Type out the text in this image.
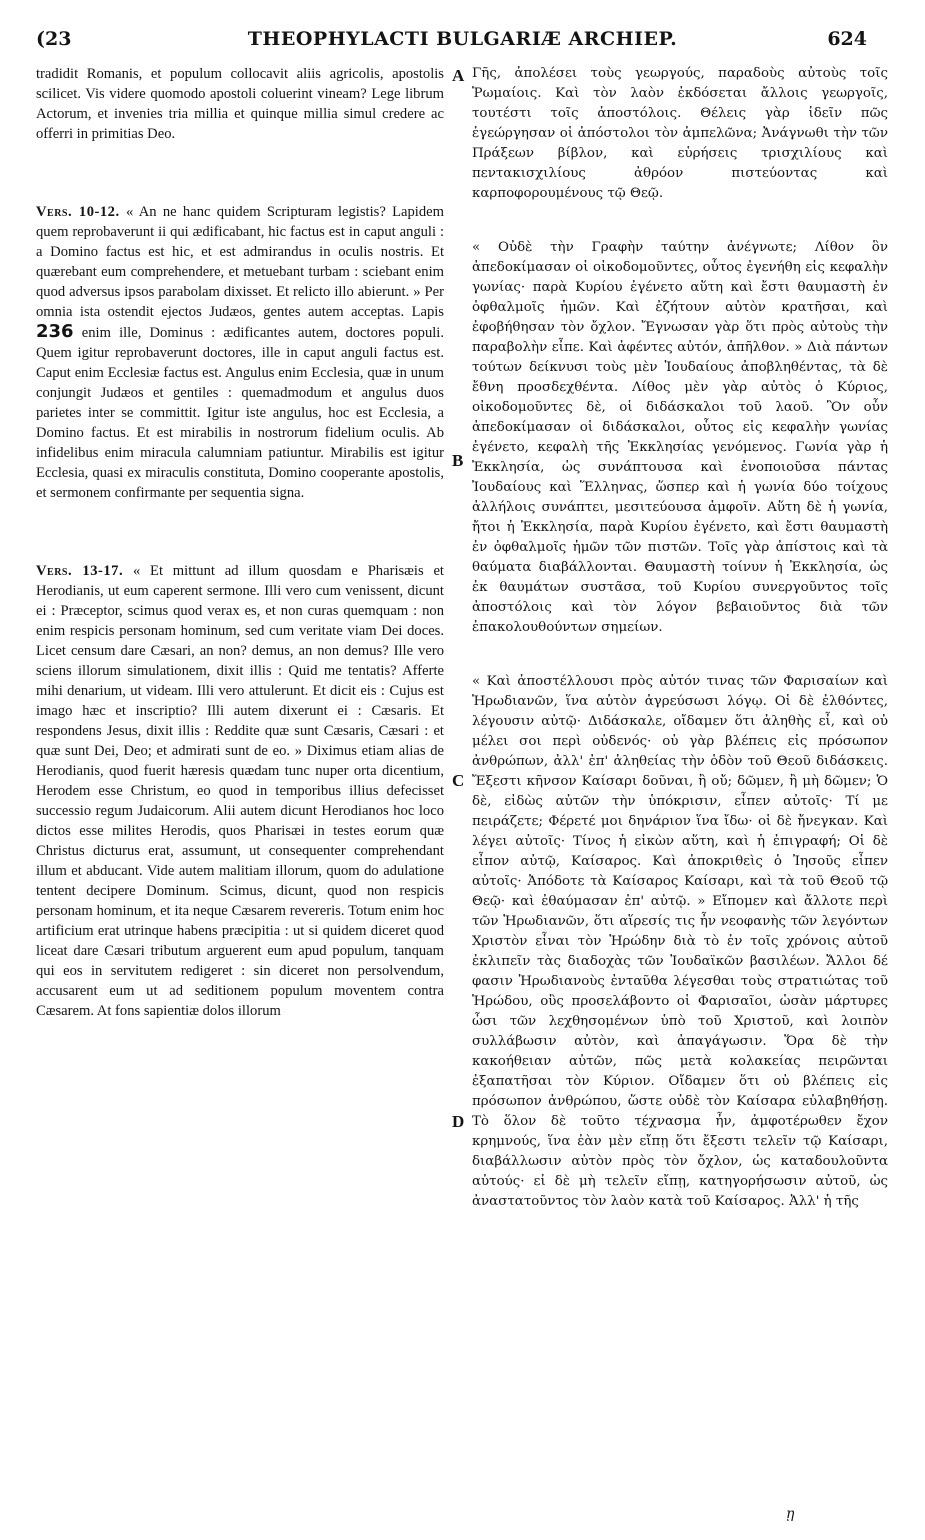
THEOPHYLACTI BULGARIÆ ARCHIEP.
(23	624
A
B
C
D

tradidit Romanis, et populum collocavit aliis agricolis, apostolis scilicet. Vis videre quomodo apostoli coluerint vineam? Lege librum Actorum, et invenies tria millia et quinque millia simul credere ac offerri in primitias Deo.

Vers. 10-12. « An ne hanc quidem Scripturam legistis? Lapidem quem reprobaverunt ii qui ædificabant, hic factus est in caput anguli : a Domino factus est hic, et est admirandus in oculis nostris. Et quærebant eum comprehendere, et metuebant turbam : sciebant enim quod adversus ipsos parabolam dixisset. Et relicto illo abierunt. » Per omnia ista ostendit ejectos Judæos, gentes autem acceptas. Lapis 236 enim ille, Dominus : ædificantes autem, doctores populi. Quem igitur reprobaverunt doctores, ille in caput anguli factus est. Caput enim Ecclesiæ factus est. Angulus enim Ecclesia, quæ in unum conjungit Judæos et gentiles : quemadmodum et angulus duos parietes inter se committit. Igitur iste angulus, hoc est Ecclesia, a Domino factus. Et est mirabilis in nostrorum fidelium oculis. Ab infidelibus enim miracula calumniam patiuntur. Mirabilis est igitur Ecclesia, quasi ex miraculis constituta, Domino cooperante apostolis, et sermonem confirmante per sequentia signa.

Vers. 13-17. « Et mittunt ad illum quosdam e Pharisæis et Herodianis, ut eum caperent sermone. Illi vero cum venissent, dicunt ei : Præceptor, scimus quod verax es, et non curas quemquam : non enim respicis personam hominum, sed cum veritate viam Dei doces. Licet censum dare Cæsari, an non? demus, an non demus? Ille vero sciens illorum simulationem, dixit illis : Quid me tentatis? Afferte mihi denarium, ut videam. Illi vero attulerunt. Et dicit eis : Cujus est imago hæc et inscriptio? Illi autem dixerunt ei : Cæsaris. Et respondens Jesus, dixit illis : Reddite quæ sunt Cæsaris, Cæsari : et quæ sunt Dei, Deo; et admirati sunt de eo. » Diximus etiam alias de Herodianis, quod fuerit hæresis quædam tunc nuper orta dicentium, Herodem esse Christum, eo quod in temporibus illius defecisset successio regum Judaicorum. Alii autem dicunt Herodianos hoc loco dictos esse milites Herodis, quos Pharisæi in testes eorum quæ Christus dicturus erat, assumunt, ut consequenter comprehendant illum et abducant. Vide autem malitiam illorum, quom do adulatione tentent decipere Dominum. Scimus, dicunt, quod non respicis personam hominum, et ita neque Cæsarem revereris. Totum enim hoc artificium erat utrinque habens præcipitia : ut si quidem diceret quod liceat dare Cæsari tributum arguerent eum apud populum, tanquam qui eos in servitutem redigeret : sin diceret non persolvendum, accusarent eum ut ad seditionem populum moventem contra Cæsarem. At fons sapientiæ dolos illorum

Γῆς, ἀπολέσει τοὺς γεωργούς, παραδοὺς αὐτοὺς τοῖς Ῥωμαίοις. Καὶ τὸν λαὸν ἐκδόσεται ἄλλοις γεωργοῖς, τουτέστι τοῖς ἀποστόλοις. Θέλεις γὰρ ἰδεῖν πῶς ἐγεώργησαν οἱ ἀπόστολοι τὸν ἀμπελῶνα; Ἀνάγνωθι τὴν τῶν Πράξεων βίβλον, καὶ εὑρήσεις τρισχιλίους καὶ πεντακισχιλίους ἀθρόον πιστεύοντας καὶ καρποφορουμένους τῷ Θεῷ.

« Οὐδὲ τὴν Γραφὴν ταύτην ἀνέγνωτε; Λίθον ὃν ἀπεδοκίμασαν οἱ οἰκοδομοῦντες, οὗτος ἐγενήθη εἰς κεφαλὴν γωνίας· παρὰ Κυρίου ἐγένετο αὕτη καὶ ἔστι θαυμαστὴ ἐν ὀφθαλμοῖς ἡμῶν. Καὶ ἐζήτουν αὐτὸν κρατῆσαι, καὶ ἐφοβήθησαν τὸν ὄχλον. Ἔγνωσαν γὰρ ὅτι πρὸς αὐτοὺς τὴν παραβολὴν εἶπε. Καὶ ἀφέντες αὐτόν, ἀπῆλθον. » Διὰ πάντων τούτων δείκνυσι τοὺς μὲν Ἰουδαίους ἀποβληθέντας, τὰ δὲ ἔθνη προσδεχθέντα. Λίθος μὲν γὰρ αὐτὸς ὁ Κύριος, οἰκοδομοῦντες δὲ, οἱ διδάσκαλοι τοῦ λαοῦ. Ὃν οὖν ἀπεδοκίμασαν οἱ διδάσκαλοι, οὗτος εἰς κεφαλὴν γωνίας ἐγένετο, κεφαλὴ τῆς Ἐκκλησίας γενόμενος. Γωνία γὰρ ἡ Ἐκκλησία, ὡς συνάπτουσα καὶ ἑνοποιοῦσα πάντας Ἰουδαίους καὶ Ἕλληνας, ὥσπερ καὶ ἡ γωνία δύο τοίχους ἀλλήλοις συνάπτει, μεσιτεύουσα ἀμφοῖν. Αὕτη δὲ ἡ γωνία, ἤτοι ἡ Ἐκκλησία, παρὰ Κυρίου ἐγένετο, καὶ ἔστι θαυμαστὴ ἐν ὀφθαλμοῖς ἡμῶν τῶν πιστῶν. Τοῖς γὰρ ἀπίστοις καὶ τὰ θαύματα διαβάλλονται. Θαυμαστὴ τοίνυν ἡ Ἐκκλησία, ὡς ἐκ θαυμάτων συστᾶσα, τοῦ Κυρίου συνεργοῦντος τοῖς ἀποστόλοις καὶ τὸν λόγον βεβαιοῦντος διὰ τῶν ἐπακολουθούντων σημείων.

« Καὶ ἀποστέλλουσι πρὸς αὐτόν τινας τῶν Φαρισαίων καὶ Ἡρωδιανῶν, ἵνα αὐτὸν ἀγρεύσωσι λόγῳ. Οἱ δὲ ἐλθόντες, λέγουσιν αὐτῷ· Διδάσκαλε, οἴδαμεν ὅτι ἀληθὴς εἶ, καὶ οὐ μέλει σοι περὶ οὐδενός· οὐ γὰρ βλέπεις εἰς πρόσωπον ἀνθρώπων, ἀλλ' ἐπ' ἀληθείας τὴν ὁδὸν τοῦ Θεοῦ διδάσκεις. Ἔξεστι κῆνσον Καίσαρι δοῦναι, ἢ οὔ; δῶμεν, ἢ μὴ δῶμεν; Ὁ δὲ, εἰδὼς αὐτῶν τὴν ὑπόκρισιν, εἶπεν αὐτοῖς· Τί με πειράζετε; Φέρετέ μοι δηνάριον ἵνα ἴδω· οἱ δὲ ἤνεγκαν. Καὶ λέγει αὐτοῖς· Τίνος ἡ εἰκὼν αὕτη, καὶ ἡ ἐπιγραφή; Οἱ δὲ εἶπον αὐτῷ, Καίσαρος. Καὶ ἀποκριθεὶς ὁ Ἰησοῦς εἶπεν αὐτοῖς· Ἀπόδοτε τὰ Καίσαρος Καίσαρι, καὶ τὰ τοῦ Θεοῦ τῷ Θεῷ· καὶ ἐθαύμασαν ἐπ' αὐτῷ. » Εἴπομεν καὶ ἄλλοτε περὶ τῶν Ἡρωδιανῶν, ὅτι αἵρεσίς τις ἦν νεοφανὴς τῶν λεγόντων Χριστὸν εἶναι τὸν Ἡρώδην διὰ τὸ ἐν τοῖς χρόνοις αὐτοῦ ἐκλιπεῖν τὰς διαδοχὰς τῶν Ἰουδαϊκῶν βασιλέων. Ἄλλοι δέ φασιν Ἡρωδιανοὺς ἐνταῦθα λέγεσθαι τοὺς στρατιώτας τοῦ Ἡρώδου, οὓς προσελάβοντο οἱ Φαρισαῖοι, ὡσὰν μάρτυρες ὦσι τῶν λεχθησομένων ὑπὸ τοῦ Χριστοῦ, καὶ λοιπὸν συλλάβωσιν αὐτὸν, καὶ ἀπαγάγωσιν. Ὅρα δὲ τὴν κακοήθειαν αὐτῶν, πῶς μετὰ κολακείας πειρῶνται ἐξαπατῆσαι τὸν Κύριον. Οἴδαμεν ὅτι οὐ βλέπεις εἰς πρόσωπον ἀνθρώπου, ὥστε οὐδὲ τὸν Καίσαρα εὐλαβηθήσῃ. Τὸ ὅλον δὲ τοῦτο τέχνασμα ἦν, ἀμφοτέρωθεν ἔχον κρημνούς, ἵνα ἐὰν μὲν εἴπῃ ὅτι ἔξεστι τελεῖν τῷ Καίσαρι, διαβάλλωσιν αὐτὸν πρὸς τὸν ὄχλον, ὡς καταδουλοῦντα αὐτούς· εἰ δὲ μὴ τελεῖν εἴπῃ, κατηγορήσωσιν αὐτοῦ, ὡς ἀναστατοῦντος τὸν λαὸν κατὰ τοῦ Καίσαρος. Ἀλλ' ἡ τῆς

ῃ
